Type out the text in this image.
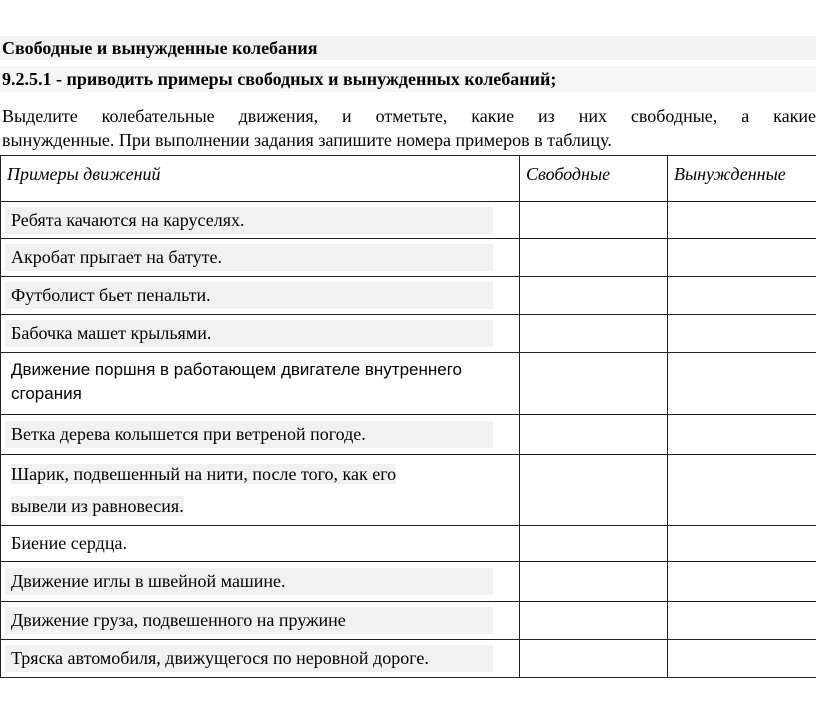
Свободные и вынужденные колебания
9.2.5.1 - приводить примеры свободных и вынужденных колебаний;
Выделите колебательные движения, и отметьте, какие из них свободные, а какие
вынужденные. При выполнении задания запишите номера примеров в таблицу.
Примеры движений	Свободные	Вынужденные
Ребята качаются на каруселях.		
Акробат прыгает на батуте.		
Футболист бьет пенальти.		
Бабочка машет крыльями.		
Движение поршня в работающем двигателе внутреннего сгорания		
Ветка дерева колышется при ветреной погоде.		
Шарик, подвешенный на нити, после того, как его
вывели из равновесия.		
Биение сердца.		
Движение иглы в швейной машине.		
Движение груза, подвешенного на пружине		
Тряска автомобиля, движущегося по неровной дороге.		
